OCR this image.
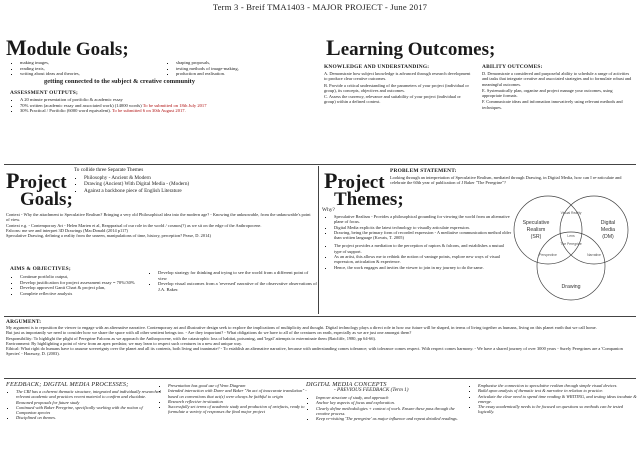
Term 3 - Breif TMA1403 - MAJOR PROJECT - June 2017
Module Goals;
▪ making images,
▪ reading texts,
▪ writing about ideas and theories,
▪ shaping proposals,
▪ testing methods of image-making,
▪ production and realisation.
getting connected to the subject & creative community
ASSESSMENT OUTPUTS;
▪ A 20 minute presentation of portfolio & academic essay
▪ 70% written (academic essay and associated work) (14000 words) To be submitted on 18th July 2017
▪ 30% Practical / Portfolio (6000 word equivalent). To be submitted 6 on 30th August 2017.
Learning Outcomes;
KNOWLEDGE AND UNDERSTANDING:
A. Demonstrate how subject knowledge is advanced through research development to produce clear creative outcomes.
B. Provide a critical understanding of the parameters of your project (individual or group), its concepts, objectives and outcomes.
C. Assess the currency, relevance and suitability of your project (individual or group) within a defined context.
ABILITY OUTCOMES:
D. Demonstrate a considered and purposeful ability to schedule a range of activities and tasks that integrate creative and associated strategies and to formulate robust and meaningful outcomes.
E. Systematically plan, organise and project manage your outcomes, using appropriate formats.
F. Communicate ideas and information innovatively using relevant methods and techniques.
Project
Goals;
To collide three Separate Themes
▪ Philosophy - Ancient & Modern
▪ Drawing (Ancient) With Digital Media - (Modern)
▪ Against a backbone piece of English Literature
Context - Why the attachment to Speculative Realism? Bringing a very old Philosophical idea into the modern age? - Knowing the unknowable, from the unknowable's point of view.
Context e.g. - Contemporary Art - Helen Marten et al, Reappraisal of our role in the world / cosmos(?) as we sit on the edge of the Anthropocene.
Falcons: me see and interpret 3D Drawings (MacDonald (2014 p117)
Speculative Drawing, defining a reality from the unseen, manipulations of time, history, perception? Pease, D. 2014)
AIMS & OBJECTIVES;
▪ Continue portfolio output,
▪ Develop justification for project assessment essay = 70%/30%
▪ Develop approved Gantt Chart & project plan,
▪ Complete reflective analysis
▪ Develop strategy for thinking and trying to see the world from a different point of view
▪ Develop visual outcomes from a 'reversed' narrative of the observative observations of J.A. Baker.
Project
Themes;
PROBLEM STATEMENT:
Looking through an interpretation of Speculative Realism, mediated through Drawing, in Digital Media, how can I re-articulate and celebrate the 60th year of publication of J Baker "The Peregrine"?
Why?
▪ Speculative Realism - Provides a philosophical grounding for viewing the world from an alternative plane of focus.
▪ Digital Media explicits the latest technology to visually articulate expression.
▪ Drawing, being the primary form of recorded expression - A mediative communication method older than written language (Kovats, T. 2005)
▪ The project provides a mediation to the perception of raptors & falcons, and establishes a mutual type of support.
▪ As an artist, this allows me to rethink the notion of vantage points, explore new ways of visual expression, articulation & experience.
▪ Hence, the work engages and invites the viewer to join in my journey to do the same.
Speculative
Realism
(SR)
Digital
Media
(DM)
Drawing
Virtual Reality
The Peregrine
Perspective	Narrative
Lens
ARGUMENT:
My argument is to reposition the viewer to engage with an alternative narrative. Contemporary art and illustrative design seek to explore the implications of multiplicity and thought. Digital technology plays a direct role in how our future will be shaped, in terms of living together as humans, living on this planet earth that we call home.
But just as importantly we need to consider how we share the space with all other sentient beings too. - Are they important? - What obligations do we have to all of the creatures on earth, especially as we are just one amongst them?
Responsibility: To highlight the plight of Peregrine Falcons as we approach the Anthropocene, with the catastrophic loss of habitat, poisoning, and 'legal' attempts to exterminate them (Ratcliffe, 1980, pp 64-66).
Environment: By highlighting a point of view from an apex predator, we may learn to respect such creatures in a new and unique way.
Ethical: What right do humans have to assume sovereignty over the planet and all its contents, both living and inanimate? - To establish an alternative narrative, because with understanding comes tolerance; with tolerance comes respect. With respect comes harmony. - We have a shared journey of over 3000 years - Surely Peregrines are a 'Companion Species' - Haraway, D. (2003).
FEEDBACK; DIGITAL MEDIA PROCESSES;
▪ The CRI has a coherent thematic structure, integrated and individually researched relevant academic and practices recent material to confirm and elucidate. Reasoned proposals for future study
▪ Continued with Baker Peregrine, specifically working with the notion of Companion species
▪ Disciplined on themes.
▪ Presentation has good use of Venn Diagram
▪ Intended interaction with Durer and Baker "An act of inaccurate translation" - based on conventions that act(s) were always be faithful to origin
▪ Research reflective in-situation
▪ Successfully set terms of academic study and production of artefacts, ready to formulate a variety of responses the final major project
DIGITAL MEDIA CONCEPTS
- PREVIOUS FEEDBACK (Term 1)
▪ Improve structure of study, and approach
▪ Anchor key aspects of focus and exploration.
▪ Clearly define methodologies + context of work. Ensure these pass through the creative process.
▪ Keep re-visiting 'The peregrine' as major influence and repeat detailed readings.
▪ Emphasise the connection to speculative realism through simple visual devices.
▪ Build upon analysis of thematic text & narrative in relation to practice.
▪ Articulate the clear need to spend time reading & WRITING, and testing ideas incubate & emerge.
▪ The essay academically needs to be focused on questions so methods can be tested logically.
